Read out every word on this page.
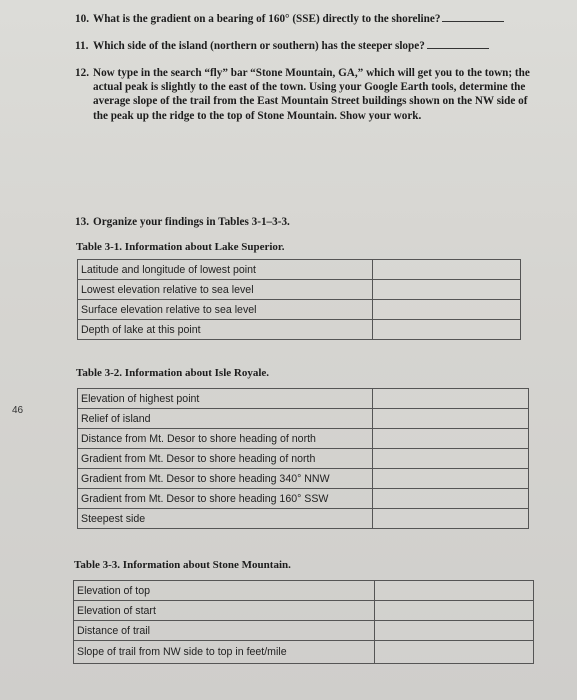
46
10. What is the gradient on a bearing of 160° (SSE) directly to the shoreline?
11. Which side of the island (northern or southern) has the steeper slope?
12. Now type in the search “fly” bar “Stone Mountain, GA,” which will get you to the town; the actual peak is slightly to the east of the town. Using your Google Earth tools, determine the average slope of the trail from the East Mountain Street buildings shown on the NW side of the peak up the ridge to the top of Stone Mountain. Show your work.
13. Organize your findings in Tables 3-1–3-3.
Table 3-1. Information about Lake Superior.
Latitude and longitude of lowest point	
Lowest elevation relative to sea level	
Surface elevation relative to sea level	
Depth of lake at this point	
Table 3-2. Information about Isle Royale.
Elevation of highest point	
Relief of island	
Distance from Mt. Desor to shore heading of north	
Gradient from Mt. Desor to shore heading of north	
Gradient from Mt. Desor to shore heading 340° NNW	
Gradient from Mt. Desor to shore heading 160° SSW	
Steepest side	
Table 3-3. Information about Stone Mountain.
Elevation of top	
Elevation of start	
Distance of trail	
Slope of trail from NW side to top in feet/mile	
